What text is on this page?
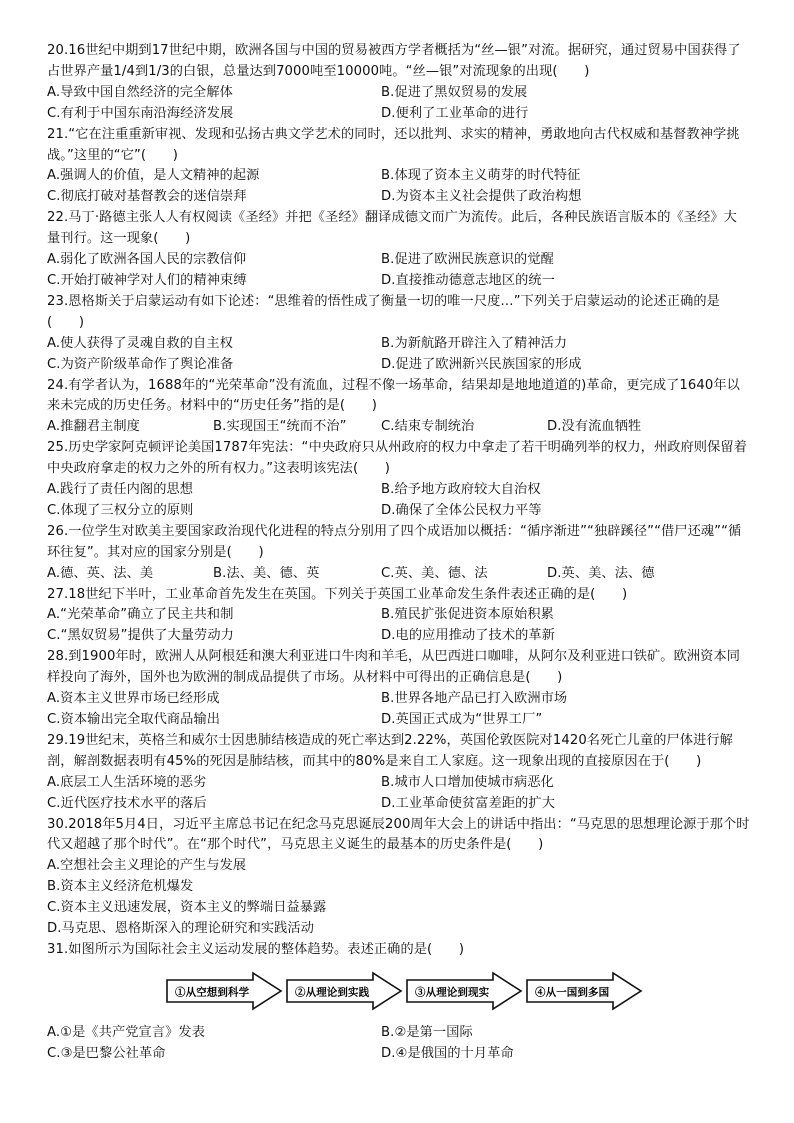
20.16世纪中期到17世纪中期，欧洲各国与中国的贸易被西方学者概括为“丝—银”对流。据研究，通过贸易中国获得了占世界产量1/4到1/3的白银，总量达到7000吨至10000吨。“丝—银”对流现象的出现(　　)

A.导致中国自然经济的完全解体	B.促进了黑奴贸易的发展
C.有利于中国东南沿海经济发展	D.便利了工业革命的进行

21.“它在注重重新审视、发现和弘扬古典文学艺术的同时，还以批判、求实的精神，勇敢地向古代权威和基督教神学挑战。”这里的“它”(　　)

A.强调人的价值，是人文精神的起源	B.体现了资本主义萌芽的时代特征
C.彻底打破对基督教会的迷信崇拜	D.为资本主义社会提供了政治构想

22.马丁·路德主张人人有权阅读《圣经》并把《圣经》翻译成德文而广为流传。此后，各种民族语言版本的《圣经》大量刊行。这一现象(　　)

A.弱化了欧洲各国人民的宗教信仰	B.促进了欧洲民族意识的觉醒
C.开始打破神学对人们的精神束缚	D.直接推动德意志地区的统一

23.恩格斯关于启蒙运动有如下论述：“思维着的悟性成了衡量一切的唯一尺度…”下列关于启蒙运动的论述正确的是(　　)

A.使人获得了灵魂自救的自主权	B.为新航路开辟注入了精神活力
C.为资产阶级革命作了舆论准备	D.促进了欧洲新兴民族国家的形成

24.有学者认为，1688年的“光荣革命”没有流血，过程不像一场革命，结果却是地地道道的)革命，更完成了1640年以来未完成的历史任务。材料中的“历史任务”指的是(　　)

A.推翻君主制度	B.实现国王“统而不治”	C.结束专制统治	D.没有流血牺牲

25.历史学家阿克顿评论美国1787年宪法：“中央政府只从州政府的权力中拿走了若干明确列举的权力，州政府则保留着中央政府拿走的权力之外的所有权力。”这表明该宪法(　　)

A.践行了责任内阁的思想	B.给予地方政府较大自治权
C.体现了三权分立的原则	D.确保了全体公民权力平等

26.一位学生对欧美主要国家政治现代化进程的特点分别用了四个成语加以概括：“循序渐进”“独辟蹊径”“借尸还魂”“循环往复”。其对应的国家分别是(　　)

A.德、英、法、美	B.法、美、德、英	C.英、美、德、法	D.英、美、法、德

27.18世纪下半叶，工业革命首先发生在英国。下列关于英国工业革命发生条件表述正确的是(　　)

A.“光荣革命”确立了民主共和制	B.殖民扩张促进资本原始积累
C.“黑奴贸易”提供了大量劳动力	D.电的应用推动了技术的革新

28.到1900年时，欧洲人从阿根廷和澳大利亚进口牛肉和羊毛，从巴西进口咖啡，从阿尔及利亚进口铁矿。欧洲资本同样投向了海外，国外也为欧洲的制成品提供了市场。从材料中可得出的正确信息是(　　)

A.资本主义世界市场已经形成	B.世界各地产品已打入欧洲市场
C.资本输出完全取代商品输出	D.英国正式成为“世界工厂”

29.19世纪末，英格兰和威尔士因患肺结核造成的死亡率达到2.22%，英国伦敦医院对1420名死亡儿童的尸体进行解剖，解剖数据表明有45%的死因是肺结核，而其中的80%是来自工人家庭。这一现象出现的直接原因在于(　　)

A.底层工人生活环境的恶劣	B.城市人口增加使城市病恶化
C.近代医疗技术水平的落后	D.工业革命使贫富差距的扩大

30.2018年5月4日，习近平主席总书记在纪念马克思诞辰200周年大会上的讲话中指出：“马克思的思想理论源于那个时代又超越了那个时代”。在“那个时代”，马克思主义诞生的最基本的历史条件是(　　)

A.空想社会主义理论的产生与发展
B.资本主义经济危机爆发
C.资本主义迅速发展，资本主义的弊端日益暴露
D.马克思、恩格斯深入的理论研究和实践活动

31.如图所示为国际社会主义运动发展的整体趋势。表述正确的是(　　)

①从空想到科学	②从理论到实践	③从理论到现实	④从一国到多国
A.①是《共产党宣言》发表	B.②是第一国际
C.③是巴黎公社革命	D.④是俄国的十月革命
